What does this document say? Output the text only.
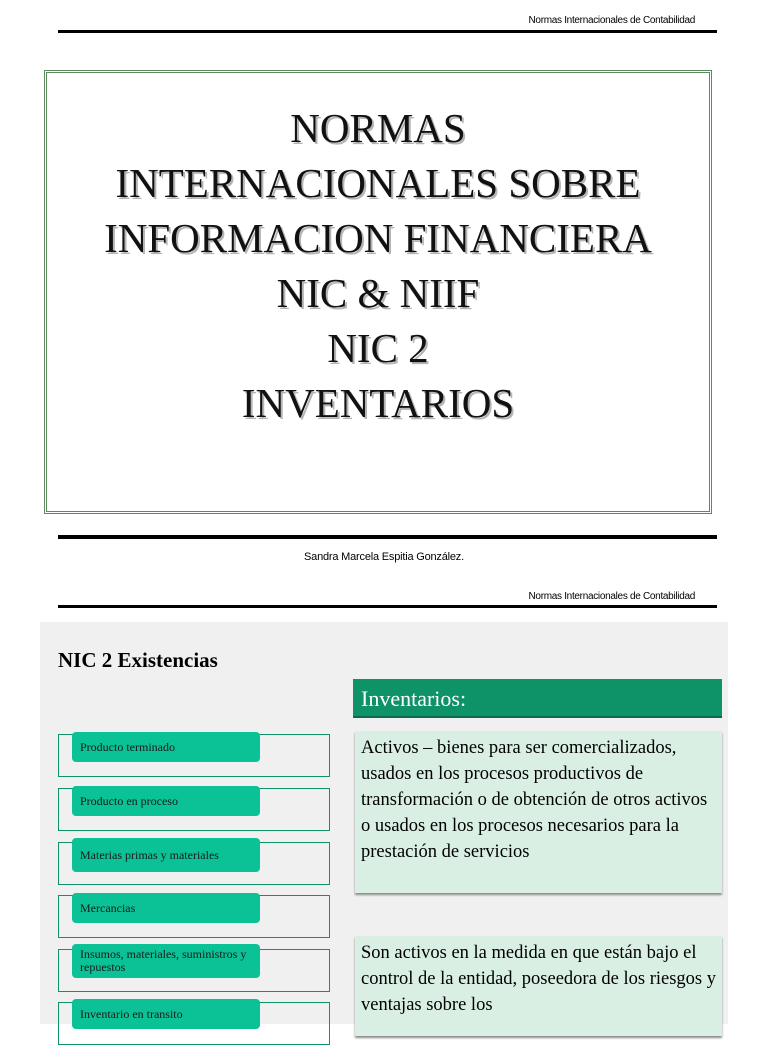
Normas Internacionales de Contabilidad
NORMAS
INTERNACIONALES SOBRE
INFORMACION FINANCIERA
NIC & NIIF
NIC 2
INVENTARIOS
Sandra Marcela Espitia González.
Normas Internacionales de Contabilidad
NIC 2 Existencias
Inventarios:
Activos – bienes para ser comercializados, usados en los procesos productivos de transformación o de obtención de otros activos o usados en los procesos necesarios para la prestación de servicios
Son activos en la medida en que están bajo el control de la entidad, poseedora de los riesgos y ventajas sobre los
Producto terminado
Producto en proceso
Materias primas y materiales
Mercancias
Insumos, materiales, suministros y repuestos
Inventario en transito
